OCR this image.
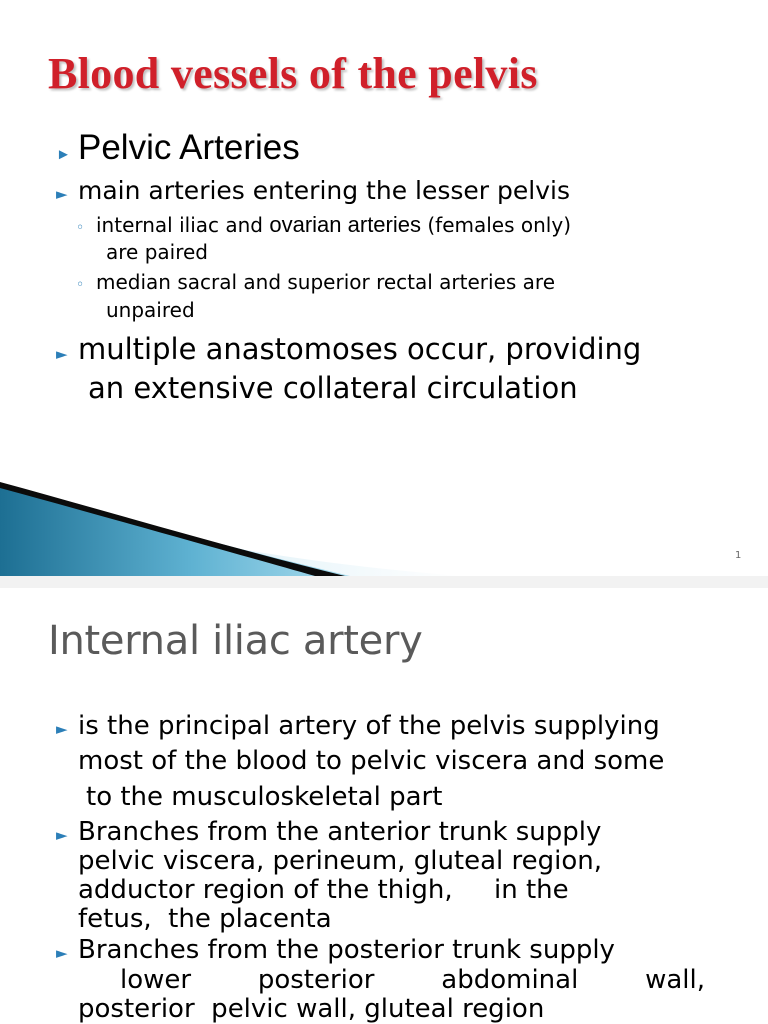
1
Blood vessels of the pelvis
► Pelvic Arteries
► main arteries entering the lesser pelvis
◦ internal iliac and ovarian arteries (females only)
are paired
◦ median sacral and superior rectal arteries are
unpaired
► multiple anastomoses occur, providing
an extensive collateral circulation
Internal iliac artery
► is the principal artery of the pelvis supplying
most of the blood to pelvic viscera and some
to the musculoskeletal part
► Branches from the anterior trunk supply
pelvic viscera, perineum, gluteal region,
adductor region of the thigh,     in the
fetus,  the placenta
► Branches from the posterior trunk supply
lower	posterior	abdominal	wall,
posterior  pelvic wall, gluteal region
